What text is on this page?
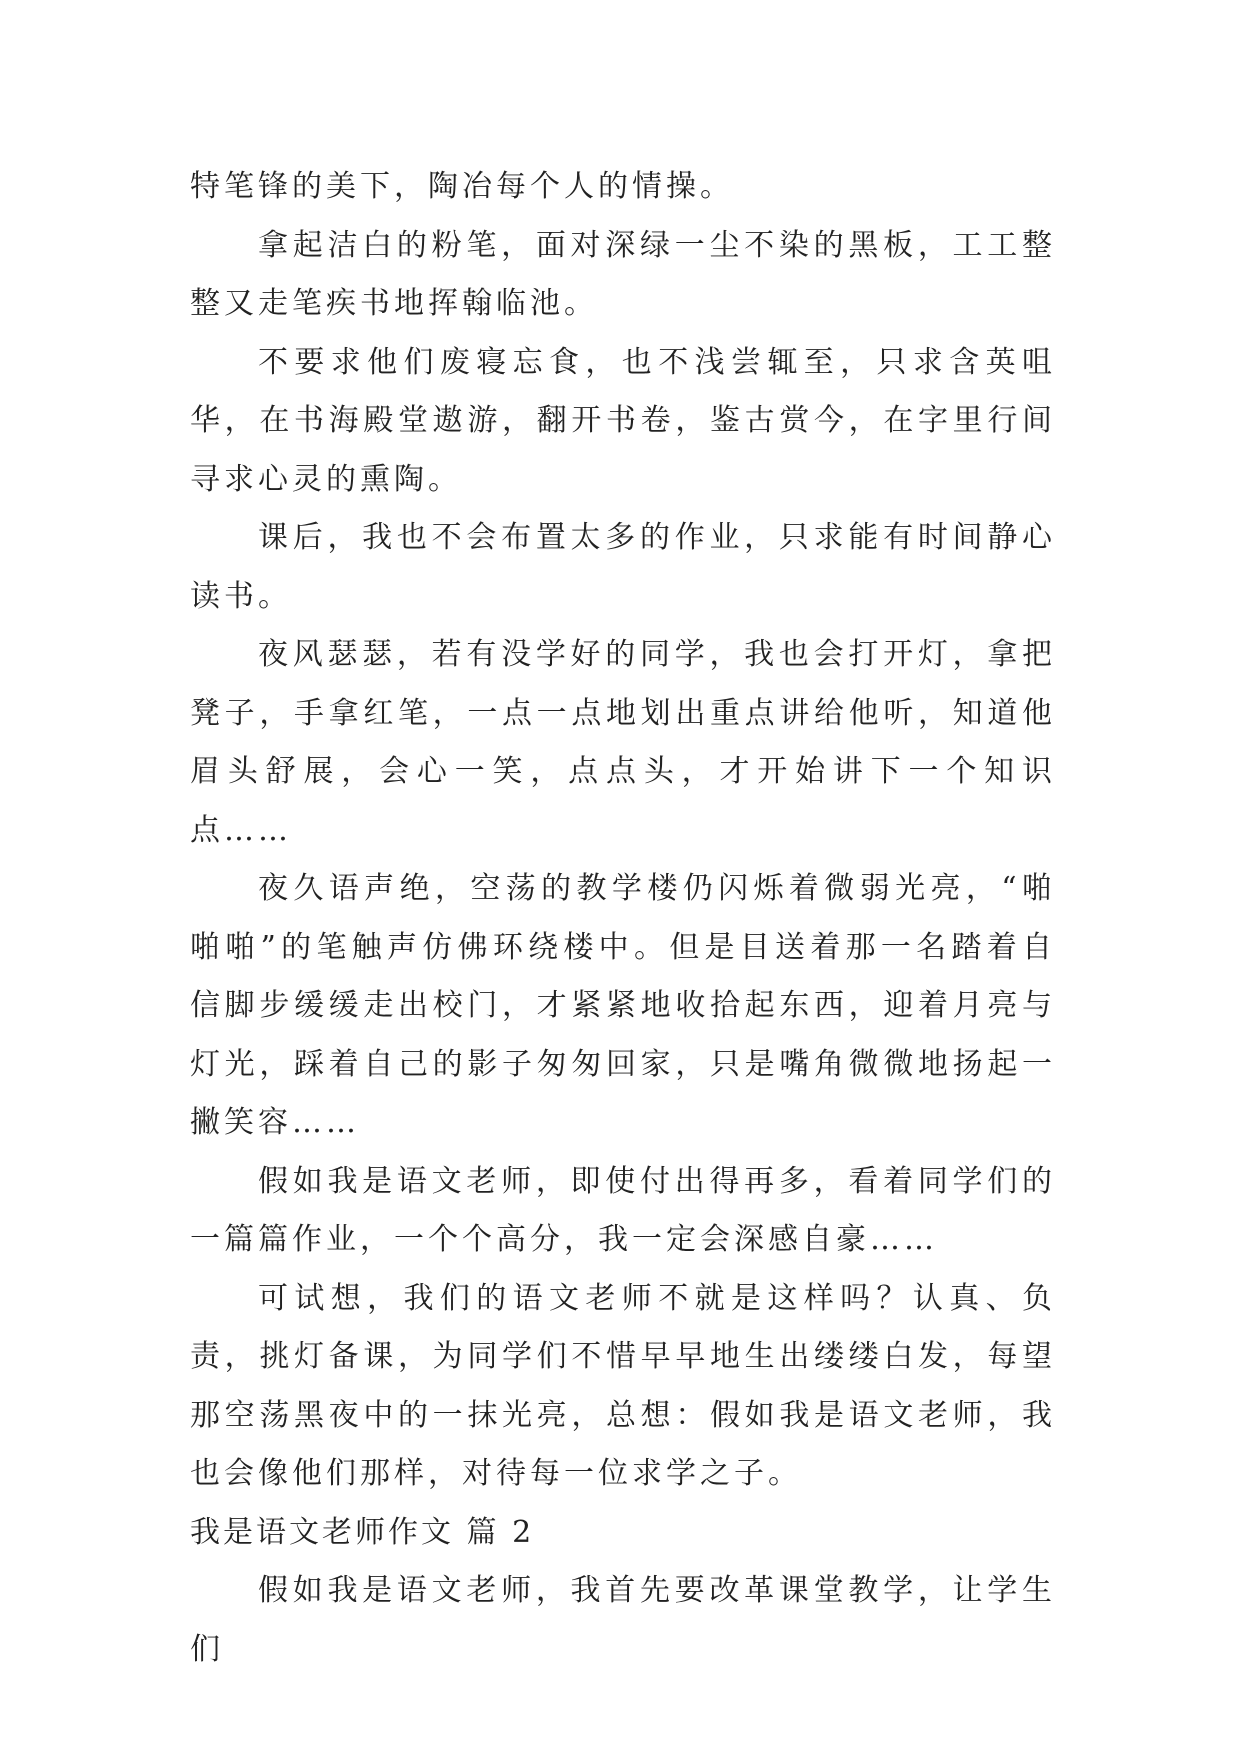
特笔锋的美下，陶冶每个人的情操。

拿起洁白的粉笔，面对深绿一尘不染的黑板，工工整整又走笔疾书地挥翰临池。

不要求他们废寝忘食，也不浅尝辄至，只求含英咀华，在书海殿堂遨游，翻开书卷，鉴古赏今，在字里行间寻求心灵的熏陶。

课后，我也不会布置太多的作业，只求能有时间静心读书。

夜风瑟瑟，若有没学好的同学，我也会打开灯，拿把凳子，手拿红笔，一点一点地划出重点讲给他听，知道他眉头舒展，会心一笑，点点头，才开始讲下一个知识点……

夜久语声绝，空荡的教学楼仍闪烁着微弱光亮，“啪啪啪”的笔触声仿佛环绕楼中。但是目送着那一名踏着自信脚步缓缓走出校门，才紧紧地收拾起东西，迎着月亮与灯光，踩着自己的影子匆匆回家，只是嘴角微微地扬起一撇笑容……

假如我是语文老师，即使付出得再多，看着同学们的一篇篇作业，一个个高分，我一定会深感自豪……

可试想，我们的语文老师不就是这样吗？认真、负责，挑灯备课，为同学们不惜早早地生出缕缕白发，每望那空荡黑夜中的一抹光亮，总想：假如我是语文老师，我也会像他们那样，对待每一位求学之子。

我是语文老师作文 篇 2

假如我是语文老师，我首先要改革课堂教学，让学生们
